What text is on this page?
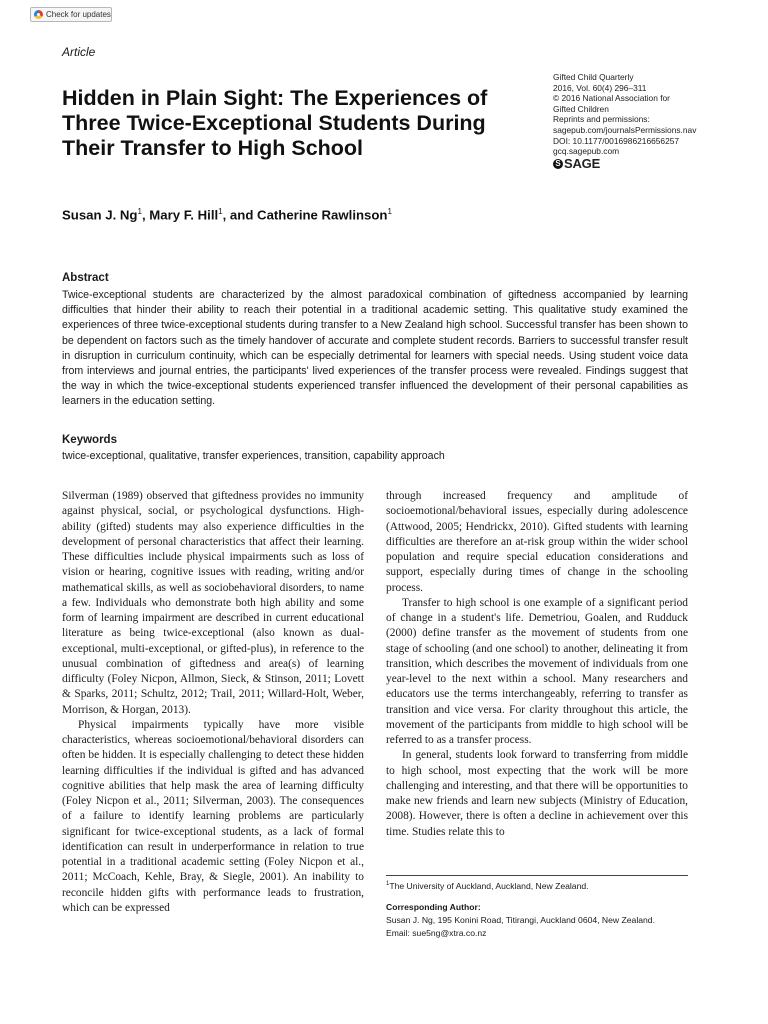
Check for updates
Article
Hidden in Plain Sight: The Experiences of Three Twice-Exceptional Students During Their Transfer to High School
Gifted Child Quarterly
2016, Vol. 60(4) 296–311
© 2016 National Association for
Gifted Children
Reprints and permissions:
sagepub.com/journalsPermissions.nav
DOI: 10.1177/0016986216656257
gcq.sagepub.com
S SAGE
Susan J. Ng$^1$, Mary F. Hill$^1$, and Catherine Rawlinson$^1$
Abstract

Twice-exceptional students are characterized by the almost paradoxical combination of giftedness accompanied by learning difficulties that hinder their ability to reach their potential in a traditional academic setting. This qualitative study examined the experiences of three twice-exceptional students during transfer to a New Zealand high school. Successful transfer has been shown to be dependent on factors such as the timely handover of accurate and complete student records. Barriers to successful transfer result in disruption in curriculum continuity, which can be especially detrimental for learners with special needs. Using student voice data from interviews and journal entries, the participants' lived experiences of the transfer process were revealed. Findings suggest that the way in which the twice-exceptional students experienced transfer influenced the development of their personal capabilities as learners in the education setting.

Keywords
twice-exceptional, qualitative, transfer experiences, transition, capability approach

Silverman (1989) observed that giftedness provides no immunity against physical, social, or psychological dysfunctions. High-ability (gifted) students may also experience difficulties in the development of personal characteristics that affect their learning. These difficulties include physical impairments such as loss of vision or hearing, cognitive issues with reading, writing and/or mathematical skills, as well as sociobehavioral disorders, to name a few. Individuals who demonstrate both high ability and some form of learning impairment are described in current educational literature as being twice-exceptional (also known as dual-exceptional, multi-exceptional, or gifted-plus), in reference to the unusual combination of giftedness and area(s) of learning difficulty (Foley Nicpon, Allmon, Sieck, & Stinson, 2011; Lovett & Sparks, 2011; Schultz, 2012; Trail, 2011; Willard-Holt, Weber, Morrison, & Horgan, 2013).

Physical impairments typically have more visible characteristics, whereas socioemotional/behavioral disorders can often be hidden. It is especially challenging to detect these hidden learning difficulties if the individual is gifted and has advanced cognitive abilities that help mask the area of learning difficulty (Foley Nicpon et al., 2011; Silverman, 2003). The consequences of a failure to identify learning problems are particularly significant for twice-exceptional students, as a lack of formal identification can result in underperformance in relation to true potential in a traditional academic setting (Foley Nicpon et al., 2011; McCoach, Kehle, Bray, & Siegle, 2001). An inability to reconcile hidden gifts with performance leads to frustration, which can be expressed

through increased frequency and amplitude of socioemotional/behavioral issues, especially during adolescence (Attwood, 2005; Hendrickx, 2010). Gifted students with learning difficulties are therefore an at-risk group within the wider school population and require special education considerations and support, especially during times of change in the schooling process.

Transfer to high school is one example of a significant period of change in a student's life. Demetriou, Goalen, and Rudduck (2000) define transfer as the movement of students from one stage of schooling (and one school) to another, delineating it from transition, which describes the movement of individuals from one year-level to the next within a school. Many researchers and educators use the terms interchangeably, referring to transfer as transition and vice versa. For clarity throughout this article, the movement of the participants from middle to high school will be referred to as a transfer process.

In general, students look forward to transferring from middle to high school, most expecting that the work will be more challenging and interesting, and that there will be opportunities to make new friends and learn new subjects (Ministry of Education, 2008). However, there is often a decline in achievement over this time. Studies relate this to

$^1$The University of Auckland, Auckland, New Zealand.
Corresponding Author:
Susan J. Ng, 195 Konini Road, Titirangi, Auckland 0604, New Zealand.
Email: sue5ng@xtra.co.nz
